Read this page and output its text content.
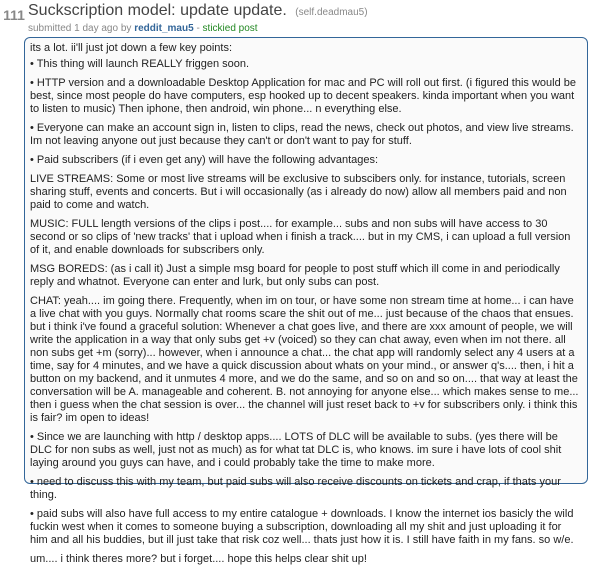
111 Suckscription model: update update. (self.deadmau5)
submitted 1 day ago by reddit_mau5 - stickied post

its a lot. ii'll just jot down a few key points:

• This thing will launch REALLY friggen soon.

• HTTP version and a downloadable Desktop Application for mac and PC will roll out first. (i figured this would be best, since most people do have computers, esp hooked up to decent speakers. kinda important when you want to listen to music) Then iphone, then android, win phone... n everything else.

• Everyone can make an account sign in, listen to clips, read the news, check out photos, and view live streams. Im not leaving anyone out just because they can't or don't want to pay for stuff.

• Paid subscribers (if i even get any) will have the following advantages:

LIVE STREAMS: Some or most live streams will be exclusive to subscibers only. for instance, tutorials, screen sharing stuff, events and concerts. But i will occasionally (as i already do now) allow all members paid and non paid to come and watch.

MUSIC: FULL length versions of the clips i post.... for example... subs and non subs will have access to 30 second or so clips of 'new tracks' that i upload when i finish a track.... but in my CMS, i can upload a full version of it, and enable downloads for subscribers only.

MSG BOREDS: (as i call it) Just a simple msg board for people to post stuff which ill come in and periodically reply and whatnot. Everyone can enter and lurk, but only subs can post.

CHAT: yeah.... im going there. Frequently, when im on tour, or have some non stream time at home... i can have a live chat with you guys. Normally chat rooms scare the shit out of me... just because of the chaos that ensues. but i think i've found a graceful solution: Whenever a chat goes live, and there are xxx amount of people, we will write the application in a way that only subs get +v (voiced) so they can chat away, even when im not there. all non subs get +m (sorry)... however, when i announce a chat... the chat app will randomly select any 4 users at a time, say for 4 minutes, and we have a quick discussion about whats on your mind., or answer q's.... then, i hit a button on my backend, and it unmutes 4 more, and we do the same, and so on and so on.... that way at least the conversation will be A. manageable and coherent. B. not annoying for anyone else... which makes sense to me... then i guess when the chat session is over... the channel will just reset back to +v for subscribers only. i think this is fair? im open to ideas!

• Since we are launching with http / desktop apps.... LOTS of DLC will be available to subs. (yes there will be DLC for non subs as well, just not as much) as for what tat DLC is, who knows. im sure i have lots of cool shit laying around you guys can have, and i could probably take the time to make more.

• need to discuss this with my team, but paid subs will also receive discounts on tickets and crap, if thats your thing.

• paid subs will also have full access to my entire catalogue + downloads. I know the internet ios basicly the wild fuckin west when it comes to someone buying a subscription, downloading all my shit and just uploading it for him and all his buddies, but ill just take that risk coz well... thats just how it is. I still have faith in my fans. so w/e.

um.... i think theres more? but i forget.... hope this helps clear shit up!
